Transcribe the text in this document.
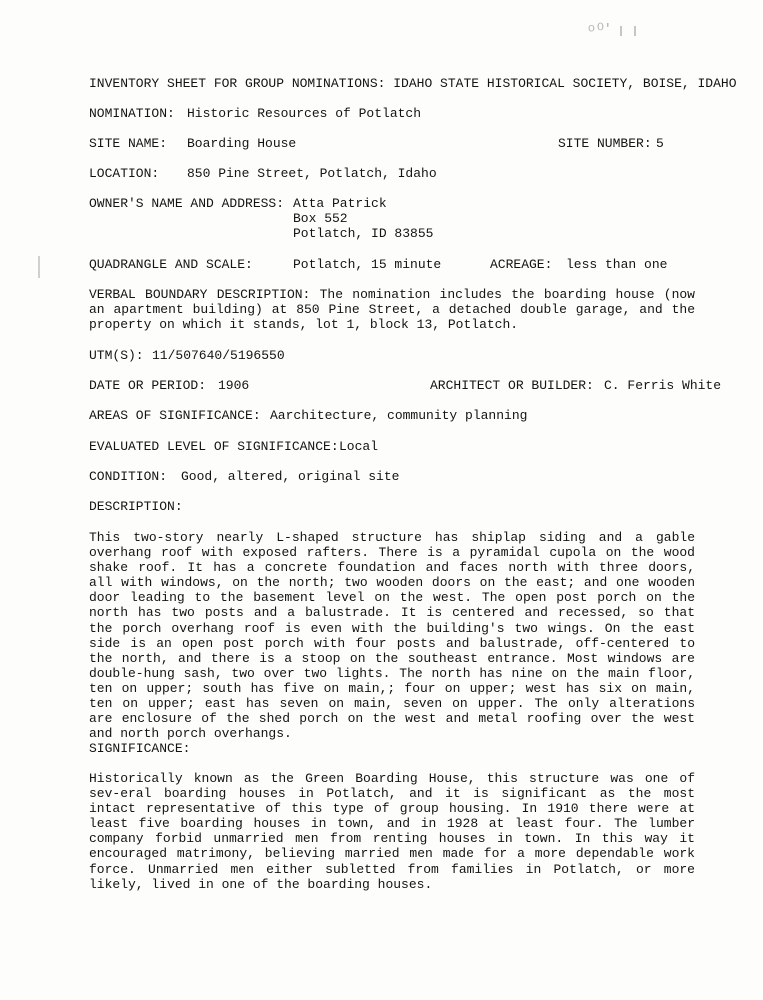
ᵒ⁰' ı ı
INVENTORY SHEET FOR GROUP NOMINATIONS: IDAHO STATE HISTORICAL SOCIETY, BOISE, IDAHO
NOMINATION: Historic Resources of Potlatch
SITE NAME: Boarding House	SITE NUMBER: 5
LOCATION: 850 Pine Street, Potlatch, Idaho
OWNER'S NAME AND ADDRESS: Atta Patrick
Box 552
Potlatch, ID 83855
QUADRANGLE AND SCALE:	Potlatch, 15 minute	ACREAGE: less than one
VERBAL BOUNDARY DESCRIPTION: The nomination includes the boarding house (now an apartment building) at 850 Pine Street, a detached double garage, and the property on which it stands, lot 1, block 13, Potlatch.
UTM(S): 11/507640/5196550
DATE OR PERIOD: 1906	ARCHITECT OR BUILDER: C. Ferris White
AREAS OF SIGNIFICANCE: Aarchitecture, community planning
EVALUATED LEVEL OF SIGNIFICANCE: Local
CONDITION: Good, altered, original site
DESCRIPTION:
This two-story nearly L-shaped structure has shiplap siding and a gable overhang roof with exposed rafters. There is a pyramidal cupola on the wood shake roof. It has a concrete foundation and faces north with three doors, all with windows, on the north; two wooden doors on the east; and one wooden door leading to the basement level on the west. The open post porch on the north has two posts and a balustrade. It is centered and recessed, so that the porch overhang roof is even with the building's two wings. On the east side is an open post porch with four posts and balustrade, off-centered to the north, and there is a stoop on the southeast entrance. Most windows are double-hung sash, two over two lights. The north has nine on the main floor, ten on upper; south has five on main,; four on upper; west has six on main, ten on upper; east has seven on main, seven on upper. The only alterations are enclosure of the shed porch on the west and metal roofing over the west and north porch overhangs.
SIGNIFICANCE:
Historically known as the Green Boarding House, this structure was one of sev-eral boarding houses in Potlatch, and it is significant as the most intact representative of this type of group housing. In 1910 there were at least five boarding houses in town, and in 1928 at least four. The lumber company forbid unmarried men from renting houses in town. In this way it encouraged matrimony, believing married men made for a more dependable work force. Unmarried men either subletted from families in Potlatch, or more likely, lived in one of the boarding houses.
